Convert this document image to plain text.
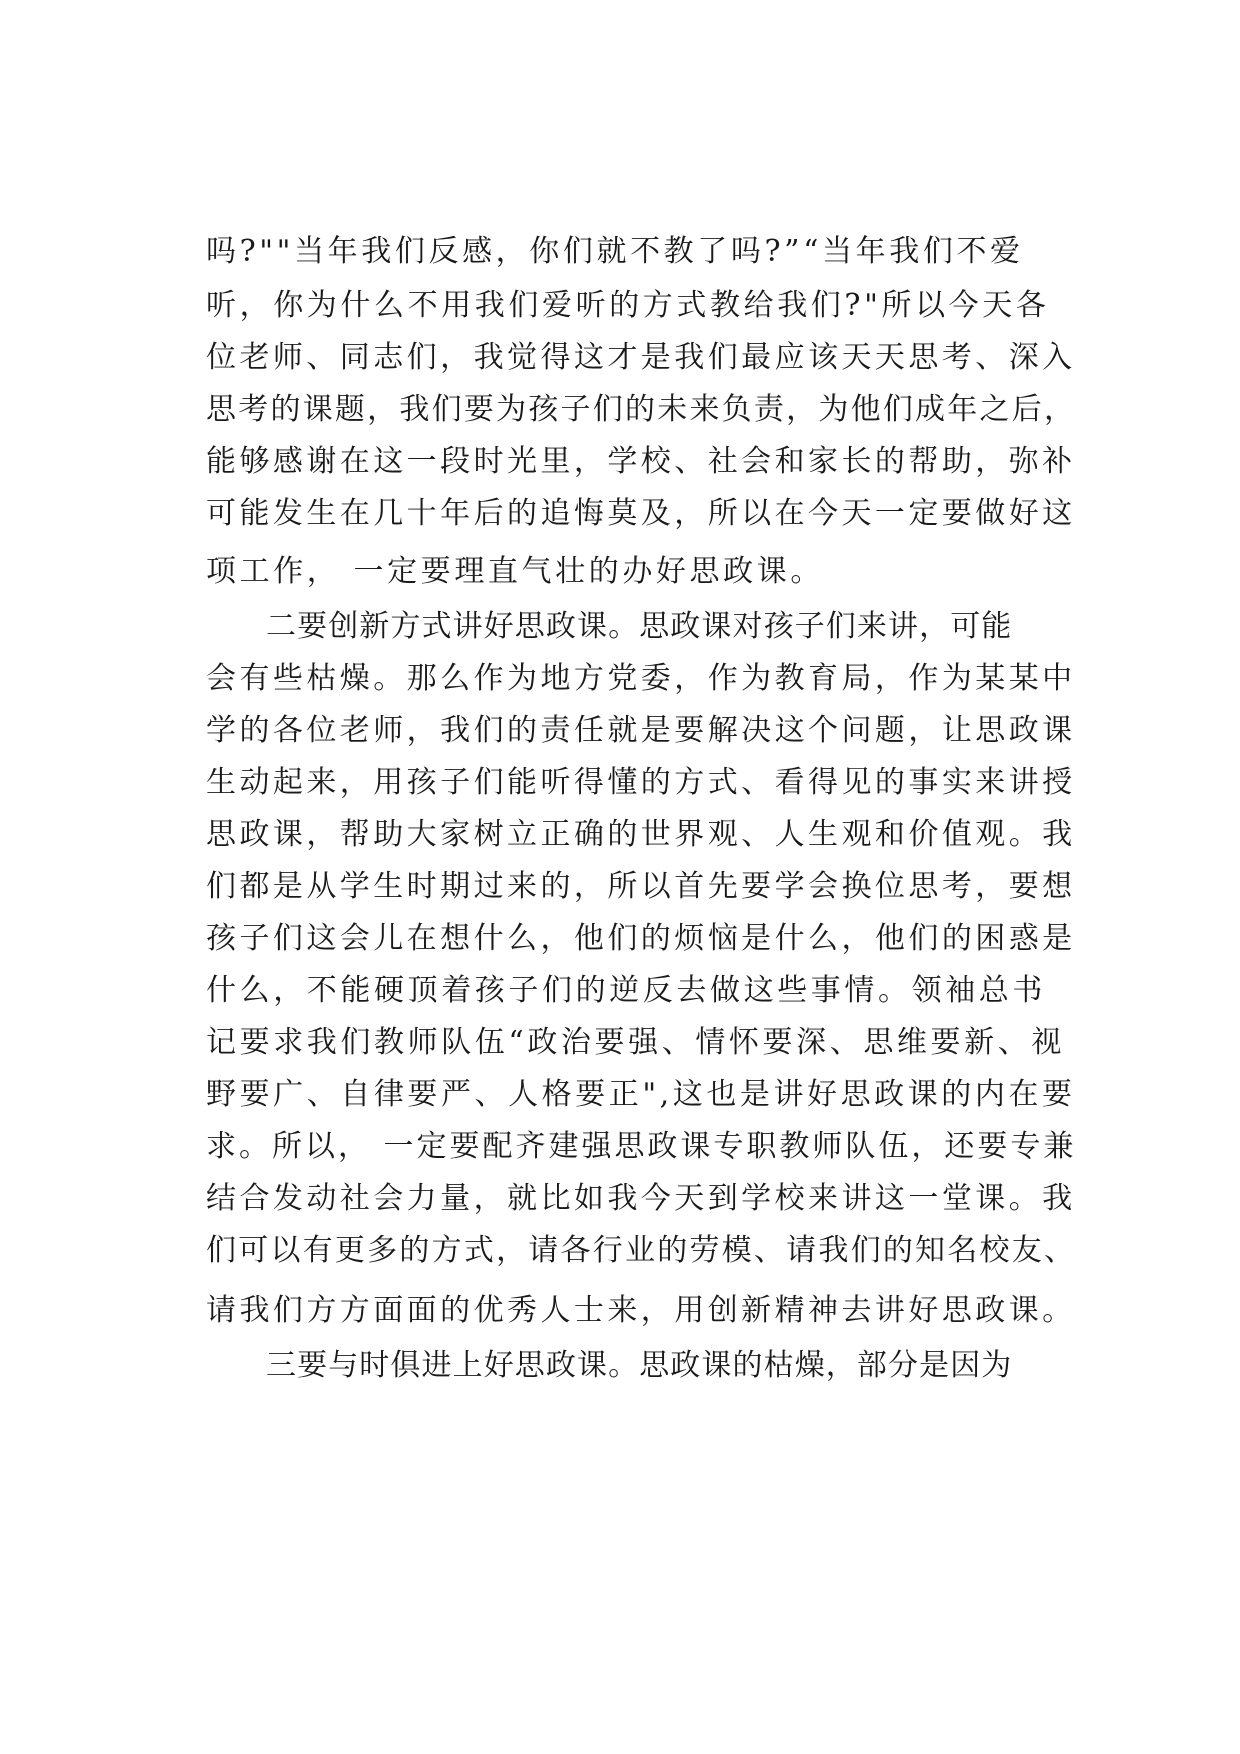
吗?""当年我们反感，你们就不教了吗?”“当年我们不爱
听，你为什么不用我们爱听的方式教给我们?"所以今天各
位老师、同志们，我觉得这才是我们最应该天天思考、深入
思考的课题，我们要为孩子们的未来负责，为他们成年之后，
能够感谢在这一段时光里，学校、社会和家长的帮助，弥补
可能发生在几十年后的追悔莫及，所以在今天一定要做好这
项工作， 一定要理直气壮的办好思政课。
二要创新方式讲好思政课。思政课对孩子们来讲，可能
会有些枯燥。那么作为地方党委，作为教育局，作为某某中
学的各位老师，我们的责任就是要解决这个问题，让思政课
生动起来，用孩子们能听得懂的方式、看得见的事实来讲授
思政课，帮助大家树立正确的世界观、人生观和价值观。我
们都是从学生时期过来的，所以首先要学会换位思考，要想
孩子们这会儿在想什么，他们的烦恼是什么，他们的困惑是
什么，不能硬顶着孩子们的逆反去做这些事情。领袖总书
记要求我们教师队伍“政治要强、情怀要深、思维要新、视
野要广、自律要严、人格要正",这也是讲好思政课的内在要
求。所以， 一定要配齐建强思政课专职教师队伍，还要专兼
结合发动社会力量，就比如我今天到学校来讲这一堂课。我
们可以有更多的方式，请各行业的劳模、请我们的知名校友、
请我们方方面面的优秀人士来，用创新精神去讲好思政课。
三要与时俱进上好思政课。思政课的枯燥，部分是因为
